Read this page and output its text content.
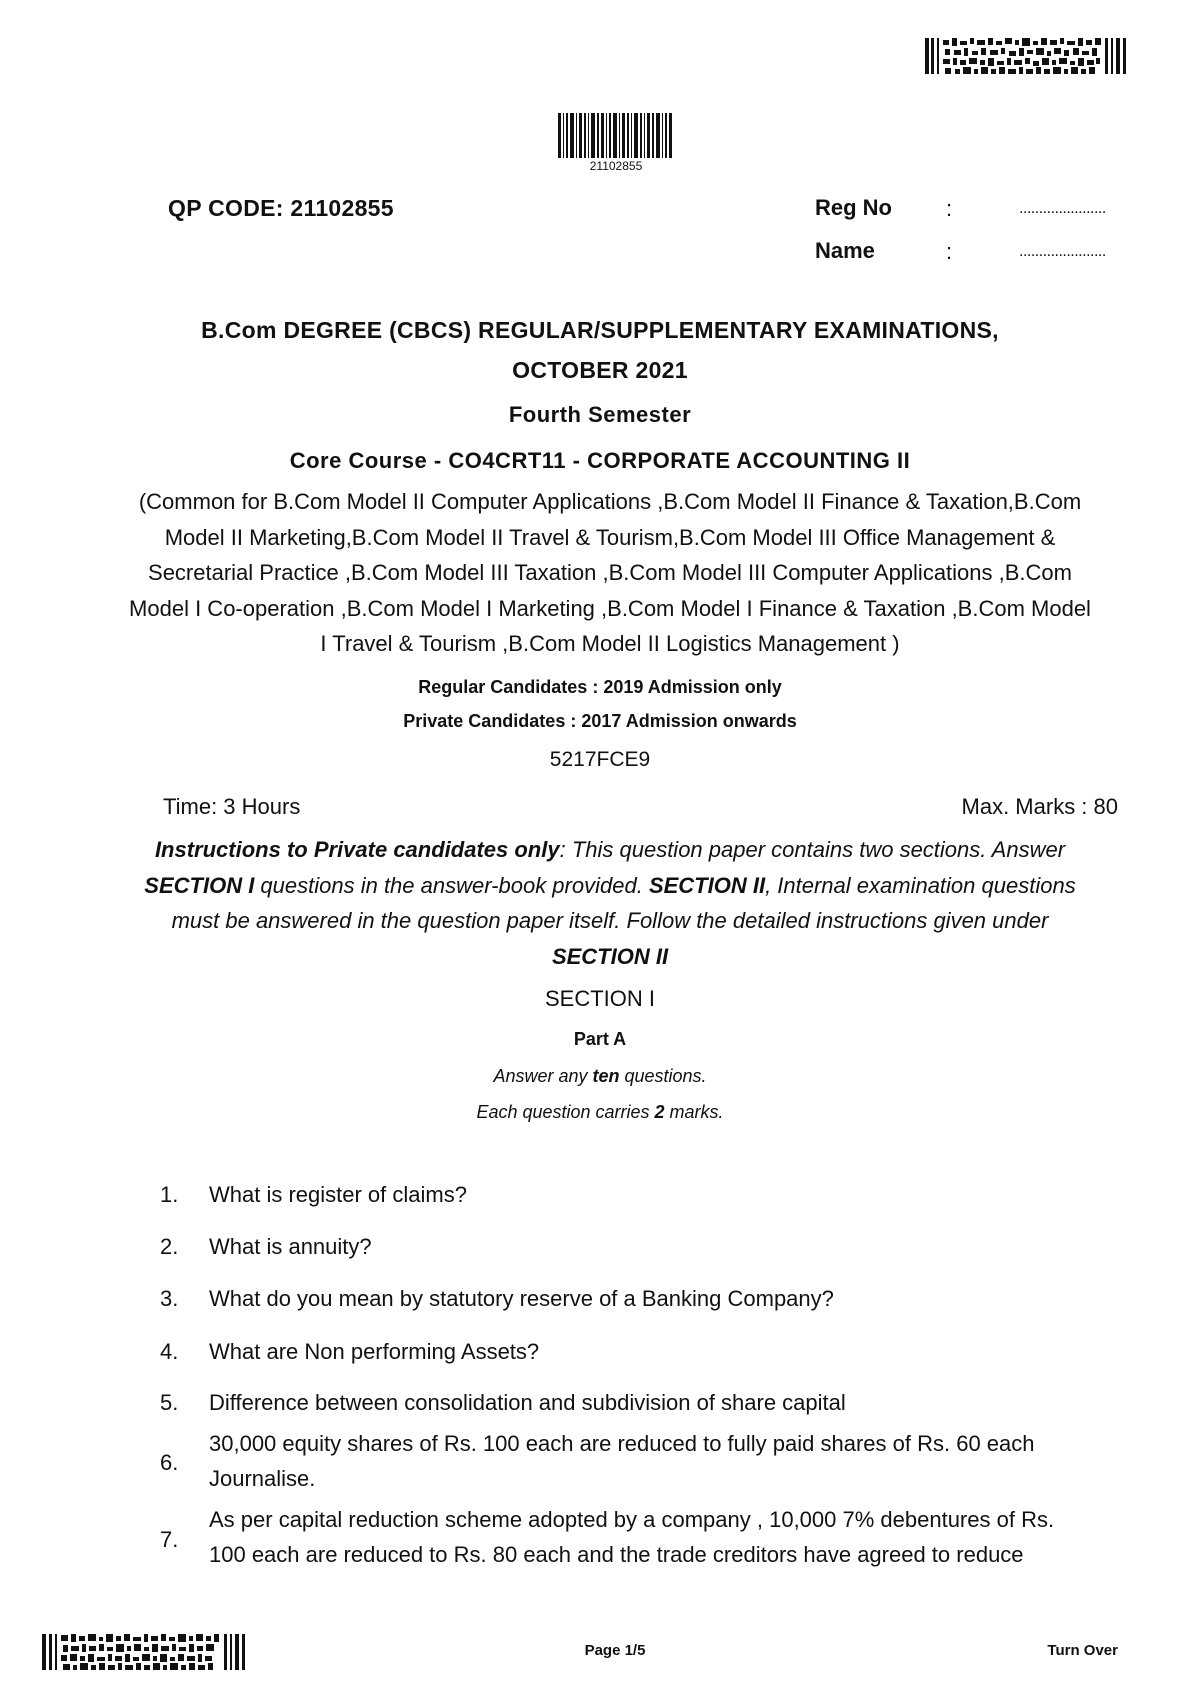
21102855
QP CODE: 21102855	Reg No :	......................
Name	:	......................
B.Com DEGREE (CBCS) REGULAR/SUPPLEMENTARY EXAMINATIONS,
OCTOBER 2021
Fourth Semester
Core Course - CO4CRT11 - CORPORATE ACCOUNTING II
(Common for B.Com Model II Computer Applications ,B.Com Model II Finance & Taxation,B.Com
Model II Marketing,B.Com Model II Travel & Tourism,B.Com Model III Office Management &
Secretarial Practice ,B.Com Model III Taxation ,B.Com Model III Computer Applications ,B.Com
Model I Co-operation ,B.Com Model I Marketing ,B.Com Model I Finance & Taxation ,B.Com Model
I Travel & Tourism ,B.Com Model II Logistics Management )
Regular Candidates : 2019 Admission only
Private Candidates : 2017 Admission onwards
5217FCE9
Time: 3 Hours	Max. Marks : 80
Instructions to Private candidates only: This question paper contains two sections. Answer
SECTION I questions in the answer-book provided. SECTION II, Internal examination questions
must be answered in the question paper itself. Follow the detailed instructions given under
SECTION II
SECTION I
Part A
Answer any ten questions.
Each question carries 2 marks.
1. What is register of claims?
2. What is annuity?
3. What do you mean by statutory reserve of a Banking Company?
4. What are Non performing Assets?
5. Difference between consolidation and subdivision of share capital
6.
30,000 equity shares of Rs. 100 each are reduced to fully paid shares of Rs. 60 each
Journalise.
7.
As per capital reduction scheme adopted by a company , 10,000 7% debentures of Rs.
100 each are reduced to Rs. 80 each and the trade creditors have agreed to reduce
Page 1/5	Turn Over
